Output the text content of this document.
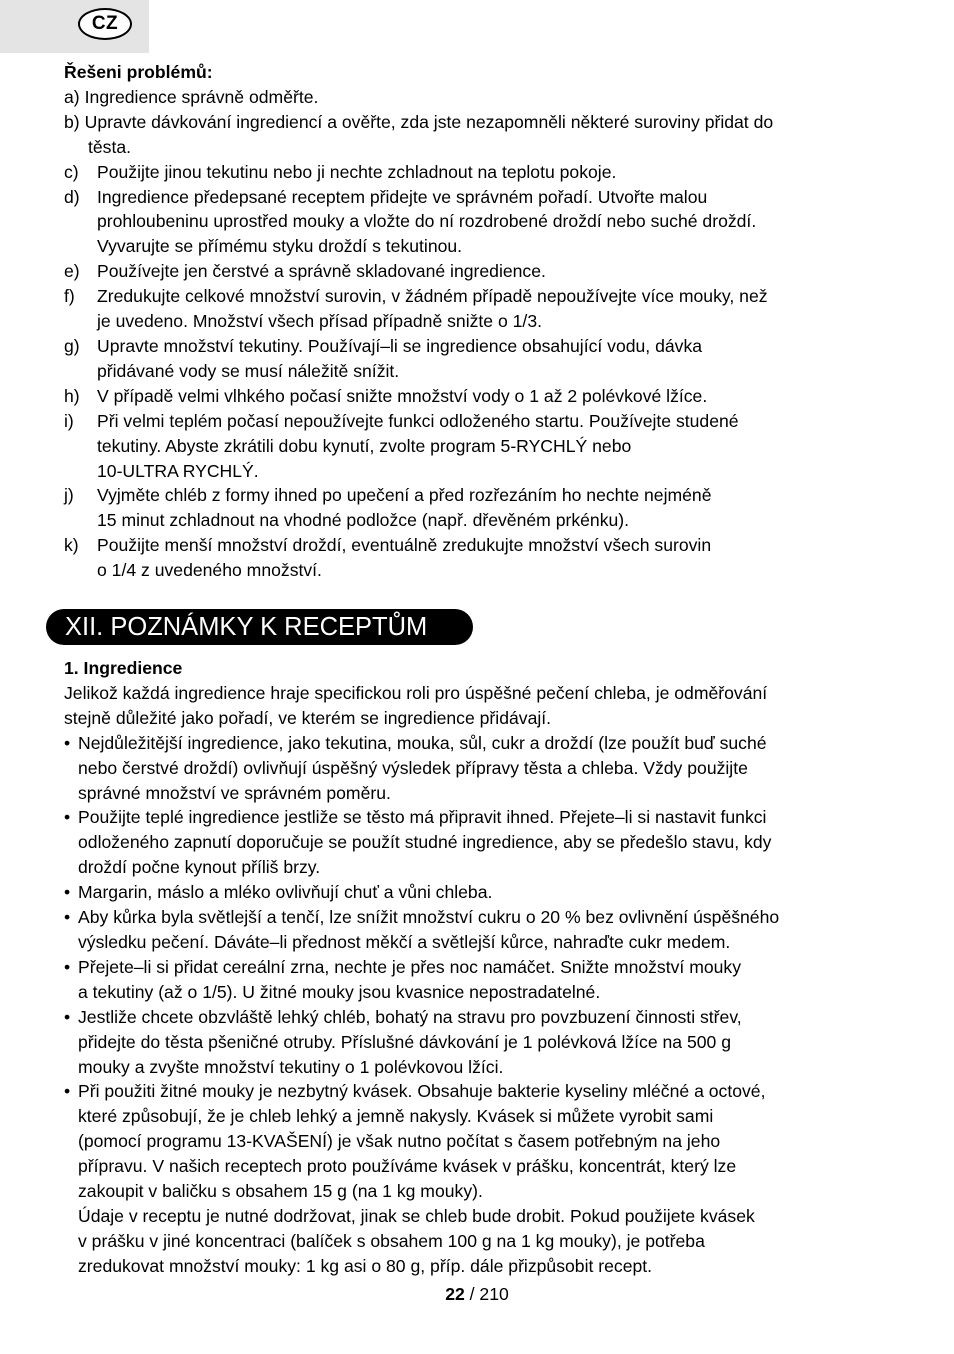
CZ
Řešeni problémů:
a) Ingredience správně odměřte.
b) Upravte dávkování ingrediencí a ověřte, zda jste nezapomněli některé suroviny přidat do
těsta.
c)	Použijte jinou tekutinu nebo ji nechte zchladnout na teplotu pokoje.
d) Ingredience předepsané receptem přidejte ve správném pořadí. Utvořte malou
prohloubeninu uprostřed mouky a vložte do ní rozdrobené droždí nebo suché droždí.
Vyvarujte se přímému styku droždí s tekutinou.
e) Používejte jen čerstvé a správně skladované ingredience.
f)	Zredukujte celkové množství surovin, v žádném případě nepoužívejte více mouky, než
je uvedeno. Množství všech přísad případně snižte o 1/3.
g) Upravte množství tekutiny. Používají–li se ingredience obsahující vodu, dávka
přidávané vody se musí náležitě snížit.
h) V případě velmi vlhkého počasí snižte množství vody o 1 až 2 polévkové lžíce.
i)	Při velmi teplém počasí nepoužívejte funkci odloženého startu. Používejte studené
tekutiny. Abyste zkrátili dobu kynutí, zvolte program 5-RYCHLÝ nebo
10-ULTRA RYCHLÝ.
j)	Vyjměte chléb z formy ihned po upečení a před rozřezáním ho nechte nejméně
15 minut zchladnout na vhodné podložce (např. dřevěném prkénku).
k)	Použijte menší množství droždí, eventuálně zredukujte množství všech surovin
o 1/4 z uvedeného množství.
XII. POZNÁMKY K RECEPTŮM
1. Ingredience
Jelikož každá ingredience hraje specifickou roli pro úspěšné pečení chleba, je odměřování
stejně důležité jako pořadí, ve kterém se ingredience přidávají.
• Nejdůležitější ingredience, jako tekutina, mouka, sůl, cukr a droždí (lze použít buď suché
nebo čerstvé droždí) ovlivňují úspěšný výsledek přípravy těsta a chleba. Vždy použijte
správné množství ve správném poměru.
• Použijte teplé ingredience jestliže se těsto má připravit ihned. Přejete–li si nastavit funkci
odloženého zapnutí doporučuje se použít studné ingredience, aby se předešlo stavu, kdy
droždí počne kynout příliš brzy.
• Margarin, máslo a mléko ovlivňují chuť a vůni chleba.
• Aby kůrka byla světlejší a tenčí, lze snížit množství cukru o 20 % bez ovlivnění úspěšného
výsledku pečení. Dáváte–li přednost měkčí a světlejší kůrce, nahraďte cukr medem.
• Přejete–li si přidat cereální zrna, nechte je přes noc namáčet. Snižte množství mouky
a tekutiny (až o 1/5). U žitné mouky jsou kvasnice nepostradatelné.
• Jestliže chcete obzvláště lehký chléb, bohatý na stravu pro povzbuzení činnosti střev,
přidejte do těsta pšeničné otruby. Příslušné dávkování je 1 polévková lžíce na 500 g
mouky a zvyšte množství tekutiny o 1 polévkovou lžíci.
• Při použiti žitné mouky je nezbytný kvásek. Obsahuje bakterie kyseliny mléčné a octové,
které způsobují, že je chleb lehký a jemně nakysly. Kvásek si můžete vyrobit sami
(pomocí programu 13-KVAŠENÍ) je však nutno počítat s časem potřebným na jeho
přípravu. V našich receptech proto používáme kvásek v prášku, koncentrát, který lze
zakoupit v baličku s obsahem 15 g (na 1 kg mouky).
Údaje v receptu je nutné dodržovat, jinak se chleb bude drobit. Pokud použijete kvásek
v prášku v jiné koncentraci (balíček s obsahem 100 g na 1 kg mouky), je potřeba
zredukovat množství mouky: 1 kg asi o 80 g, příp. dále přizpůsobit recept.
22 / 210
